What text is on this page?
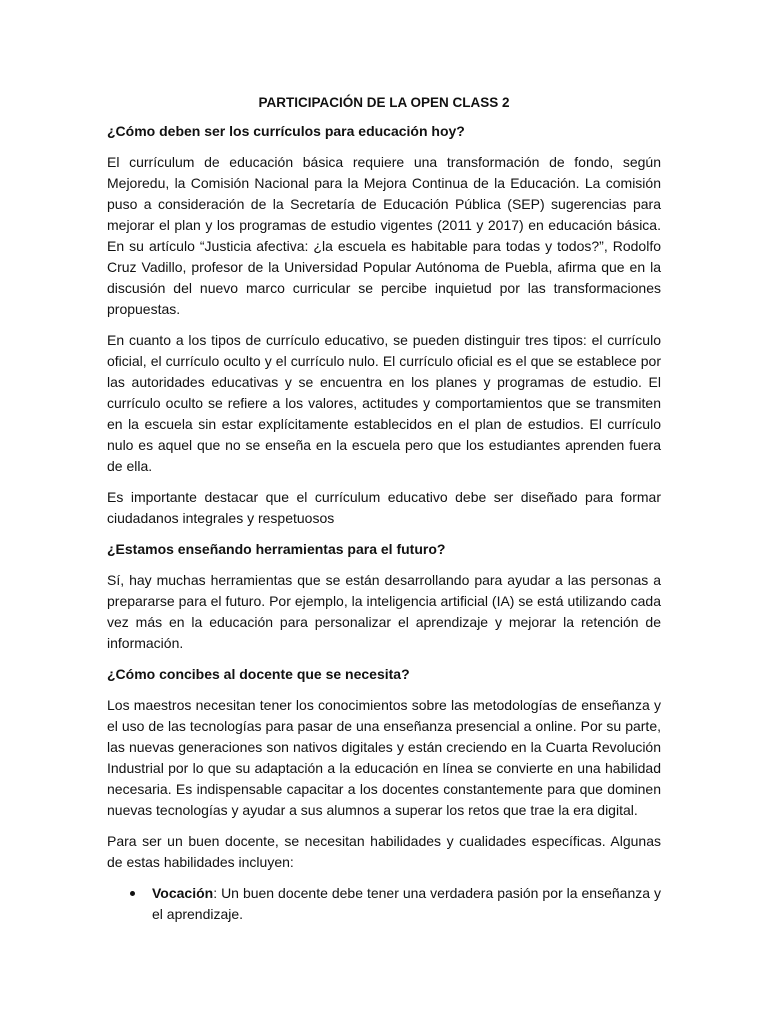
PARTICIPACIÓN DE LA OPEN CLASS 2
¿Cómo deben ser los currículos para educación hoy?
El currículum de educación básica requiere una transformación de fondo, según Mejoredu, la Comisión Nacional para la Mejora Continua de la Educación. La comisión puso a consideración de la Secretaría de Educación Pública (SEP) sugerencias para mejorar el plan y los programas de estudio vigentes (2011 y 2017) en educación básica. En su artículo “Justicia afectiva: ¿la escuela es habitable para todas y todos?”, Rodolfo Cruz Vadillo, profesor de la Universidad Popular Autónoma de Puebla, afirma que en la discusión del nuevo marco curricular se percibe inquietud por las transformaciones propuestas.
En cuanto a los tipos de currículo educativo, se pueden distinguir tres tipos: el currículo oficial, el currículo oculto y el currículo nulo. El currículo oficial es el que se establece por las autoridades educativas y se encuentra en los planes y programas de estudio. El currículo oculto se refiere a los valores, actitudes y comportamientos que se transmiten en la escuela sin estar explícitamente establecidos en el plan de estudios. El currículo nulo es aquel que no se enseña en la escuela pero que los estudiantes aprenden fuera de ella.
Es importante destacar que el currículum educativo debe ser diseñado para formar ciudadanos integrales y respetuosos
¿Estamos enseñando herramientas para el futuro?
Sí, hay muchas herramientas que se están desarrollando para ayudar a las personas a prepararse para el futuro. Por ejemplo, la inteligencia artificial (IA) se está utilizando cada vez más en la educación para personalizar el aprendizaje y mejorar la retención de información.
¿Cómo concibes al docente que se necesita?
Los maestros necesitan tener los conocimientos sobre las metodologías de enseñanza y el uso de las tecnologías para pasar de una enseñanza presencial a online. Por su parte, las nuevas generaciones son nativos digitales y están creciendo en la Cuarta Revolución Industrial por lo que su adaptación a la educación en línea se convierte en una habilidad necesaria. Es indispensable capacitar a los docentes constantemente para que dominen nuevas tecnologías y ayudar a sus alumnos a superar los retos que trae la era digital.
Para ser un buen docente, se necesitan habilidades y cualidades específicas. Algunas de estas habilidades incluyen:
Vocación: Un buen docente debe tener una verdadera pasión por la enseñanza y el aprendizaje.
